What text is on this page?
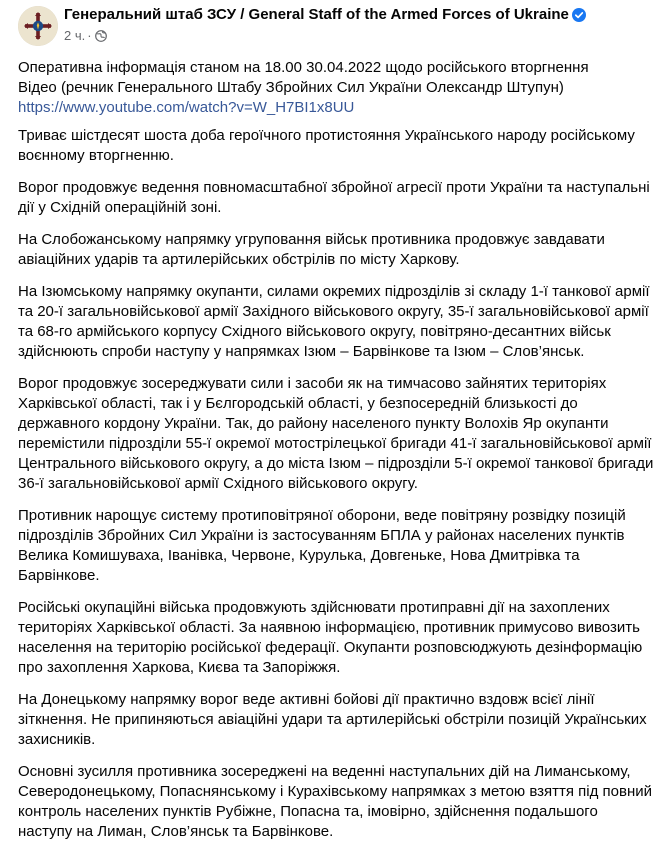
Генеральний штаб ЗСУ / General Staff of the Armed Forces of Ukraine
2 ч. ·

Оперативна інформація станом на 18.00 30.04.2022 щодо російського вторгнення
Відео (речник Генерального Штабу Збройних Сил України Олександр Штупун)
https://www.youtube.com/watch?v=W_H7BI1x8UU

Триває шістдесят шоста доба героїчного протистояння Українського народу російському воєнному вторгненню.

Ворог продовжує ведення повномасштабної збройної агресії проти України та наступальні дії у Східній операційній зоні.

На Слобожанському напрямку угруповання військ противника продовжує завдавати авіаційних ударів та артилерійських обстрілів по місту Харкову.

На Ізюмському напрямку окупанти, силами окремих підрозділів зі складу 1-ї танкової армії та 20-ї загальновійськової армії Західного військового округу, 35-ї загальновійськової армії та 68-го армійського корпусу Східного військового округу, повітряно-десантних військ здійснюють спроби наступу у напрямках Ізюм – Барвінкове та Ізюм – Слов’янськ.

Ворог продовжує зосереджувати сили і засоби як на тимчасово зайнятих територіях Харківської області, так і у Бєлгородській області, у безпосередній близькості до державного кордону України. Так, до району населеного пункту Волохів Яр окупанти перемістили підрозділи 55-ї окремої мотострілецької бригади 41-ї загальновійськової армії Центрального військового округу, а до міста Ізюм – підрозділи 5-ї окремої танкової бригади 36-ї загальновійськової армії Східного військового округу.

Противник нарощує систему протиповітряної оборони, веде повітряну розвідку позицій підрозділів Збройних Сил України із застосуванням БПЛА у районах населених пунктів Велика Комишуваха, Іванівка, Червоне, Курулька, Довгеньке, Нова Дмитрівка та Барвінкове.

Російські окупаційні війська продовжують здійснювати протиправні дії на захоплених територіях Харківської області. За наявною інформацією, противник примусово вивозить населення на територію російської федерації. Окупанти розповсюджують дезінформацію про захоплення Харкова, Києва та Запоріжжя.

На Донецькому напрямку ворог веде активні бойові дії практично вздовж всієї лінії зіткнення. Не припиняються авіаційні удари та артилерійські обстріли позицій Українських захисників.

Основні зусилля противника зосереджені на веденні наступальних дій на Лиманському, Северодонецькому, Попаснянському і Курахівському напрямках з метою взяття під повний контроль населених пунктів Рубіжне, Попасна та, імовірно, здійснення подальшого наступу на Лиман, Слов’янськ та Барвінкове.
